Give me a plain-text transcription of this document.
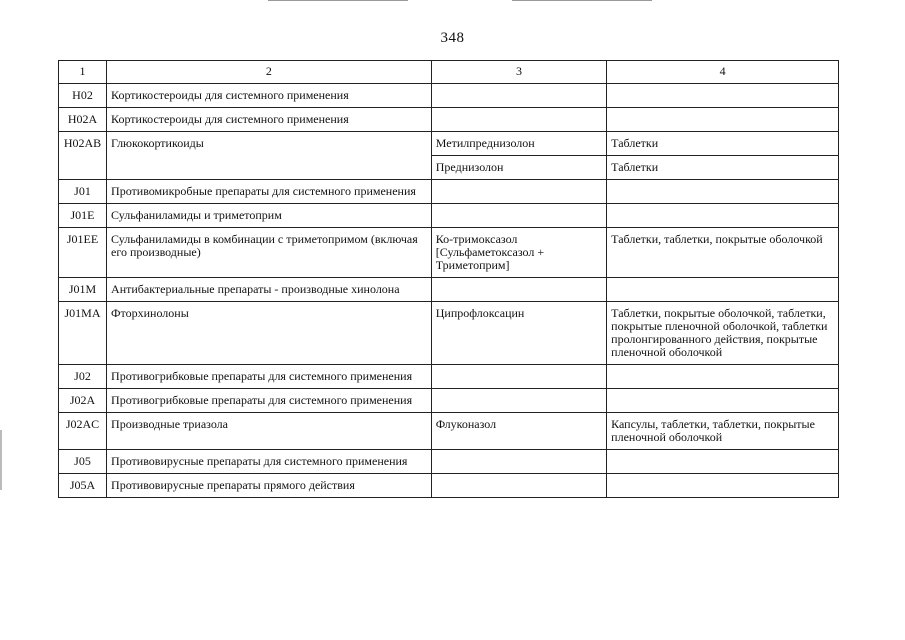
348
1	2	3	4
H02	Кортикостероиды для системного применения		
H02A	Кортикостероиды для системного применения		
H02AB	Глюкокортикоиды	Метилпреднизолон	Таблетки
		Преднизолон	Таблетки
J01	Противомикробные препараты для системного применения		
J01E	Сульфаниламиды и триметоприм		
J01EE	Сульфаниламиды в комбинации с триметопримом (включая его производные)	Ко-тримоксазол [Сульфаметоксазол + Триметоприм]	Таблетки, таблетки, покрытые оболочкой
J01M	Антибактериальные препараты - производные хинолона		
J01MA	Фторхинолоны	Ципрофлоксацин	Таблетки, покрытые оболочкой, таблетки, покрытые пленочной оболочкой, таблетки пролонгированного действия, покрытые пленочной оболочкой
J02	Противогрибковые препараты для системного применения		
J02A	Противогрибковые препараты для системного применения		
J02AC	Производные триазола	Флуконазол	Капсулы, таблетки, таблетки, покрытые пленочной оболочкой
J05	Противовирусные препараты для системного применения		
J05A	Противовирусные препараты прямого действия		
